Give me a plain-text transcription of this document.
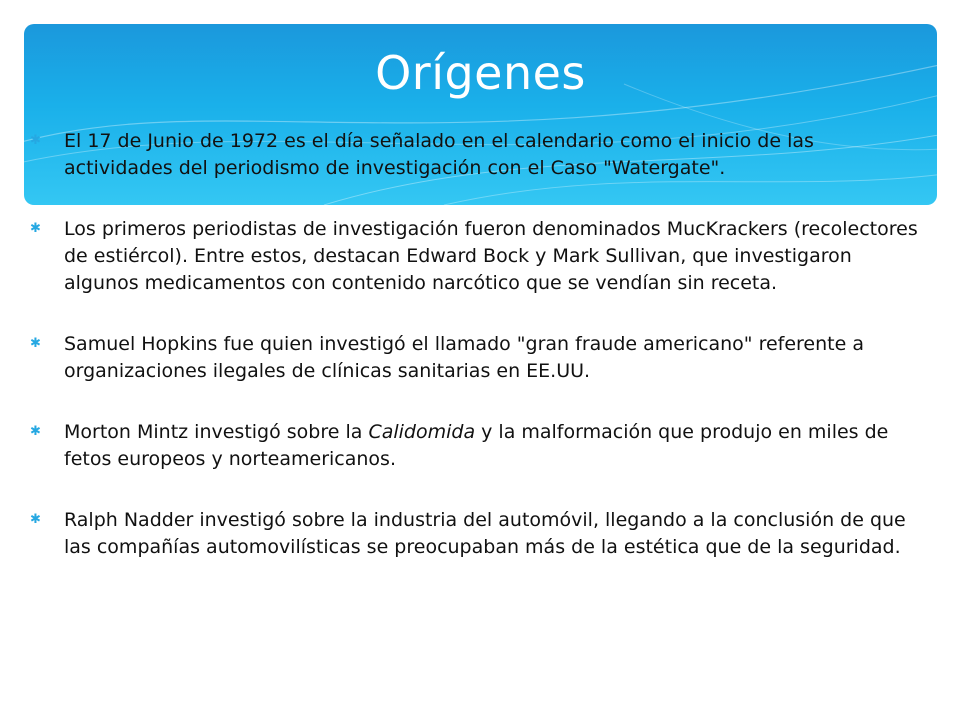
Orígenes
✱ El 17 de Junio de 1972 es el día señalado en el calendario como el inicio de las actividades del periodismo de investigación con el Caso "Watergate".
✱ Los primeros periodistas de investigación fueron denominados MucKrackers (recolectores de estiércol). Entre estos, destacan Edward Bock y Mark Sullivan, que investigaron algunos medicamentos con contenido narcótico que se vendían sin receta.
✱ Samuel Hopkins fue quien investigó el llamado "gran fraude americano" referente a organizaciones ilegales de clínicas sanitarias en EE.UU.
✱ Morton Mintz investigó sobre la Calidomida y la malformación que produjo en miles de fetos europeos y norteamericanos.
✱ Ralph Nadder investigó sobre la industria del automóvil, llegando a la conclusión de que las compañías automovilísticas se preocupaban más de la estética que de la seguridad.
